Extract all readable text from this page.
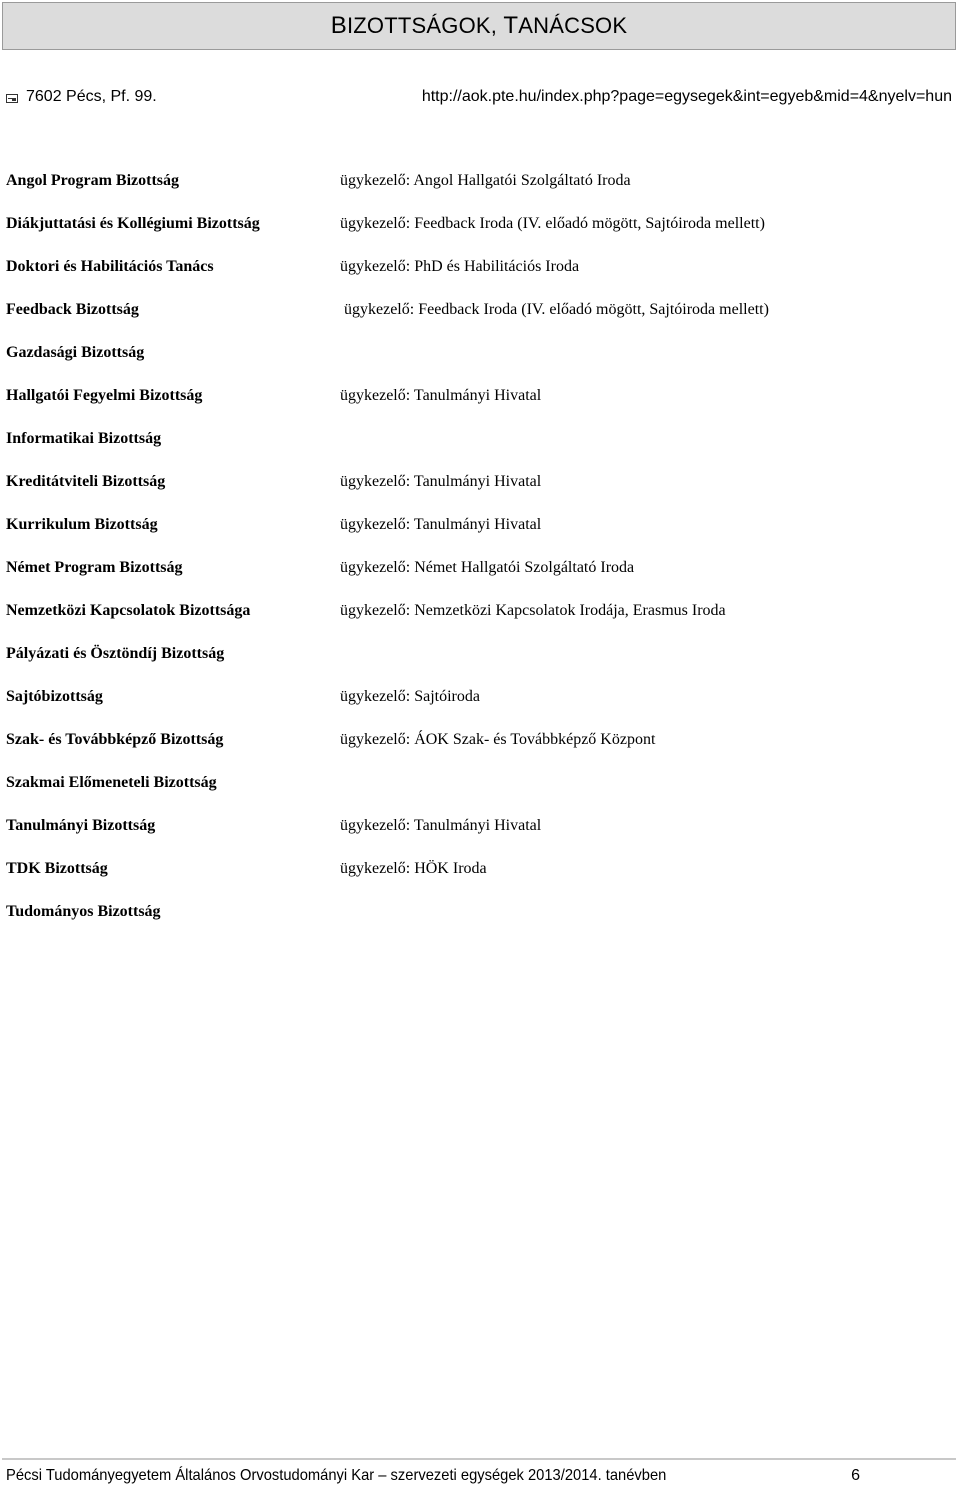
BIZOTTSÁGOK, TANÁCSOK
7602 Pécs, Pf. 99.	http://aok.pte.hu/index.php?page=egysegek&int=egyeb&mid=4&nyelv=hun
Angol Program Bizottság	ügykezelő: Angol Hallgatói Szolgáltató Iroda
Diákjuttatási és Kollégiumi Bizottság	ügykezelő: Feedback Iroda (IV. előadó mögött, Sajtóiroda mellett)
Doktori és Habilitációs Tanács	ügykezelő: PhD és Habilitációs Iroda
Feedback Bizottság	ügykezelő: Feedback Iroda (IV. előadó mögött, Sajtóiroda mellett)
Gazdasági Bizottság
Hallgatói Fegyelmi Bizottság	ügykezelő: Tanulmányi Hivatal
Informatikai Bizottság
Kreditátviteli Bizottság	ügykezelő: Tanulmányi Hivatal
Kurrikulum Bizottság	ügykezelő: Tanulmányi Hivatal
Német Program Bizottság	ügykezelő: Német Hallgatói Szolgáltató Iroda
Nemzetközi Kapcsolatok Bizottsága	ügykezelő: Nemzetközi Kapcsolatok Irodája, Erasmus Iroda
Pályázati és Ösztöndíj Bizottság
Sajtóbizottság	ügykezelő: Sajtóiroda
Szak- és Továbbképző Bizottság	ügykezelő: ÁOK Szak- és Továbbképző Központ
Szakmai Előmeneteli Bizottság
Tanulmányi Bizottság	ügykezelő: Tanulmányi Hivatal
TDK Bizottság	ügykezelő: HÖK Iroda
Tudományos Bizottság
Pécsi Tudományegyetem Általános Orvostudományi Kar – szervezeti egységek 2013/2014. tanévben	6
